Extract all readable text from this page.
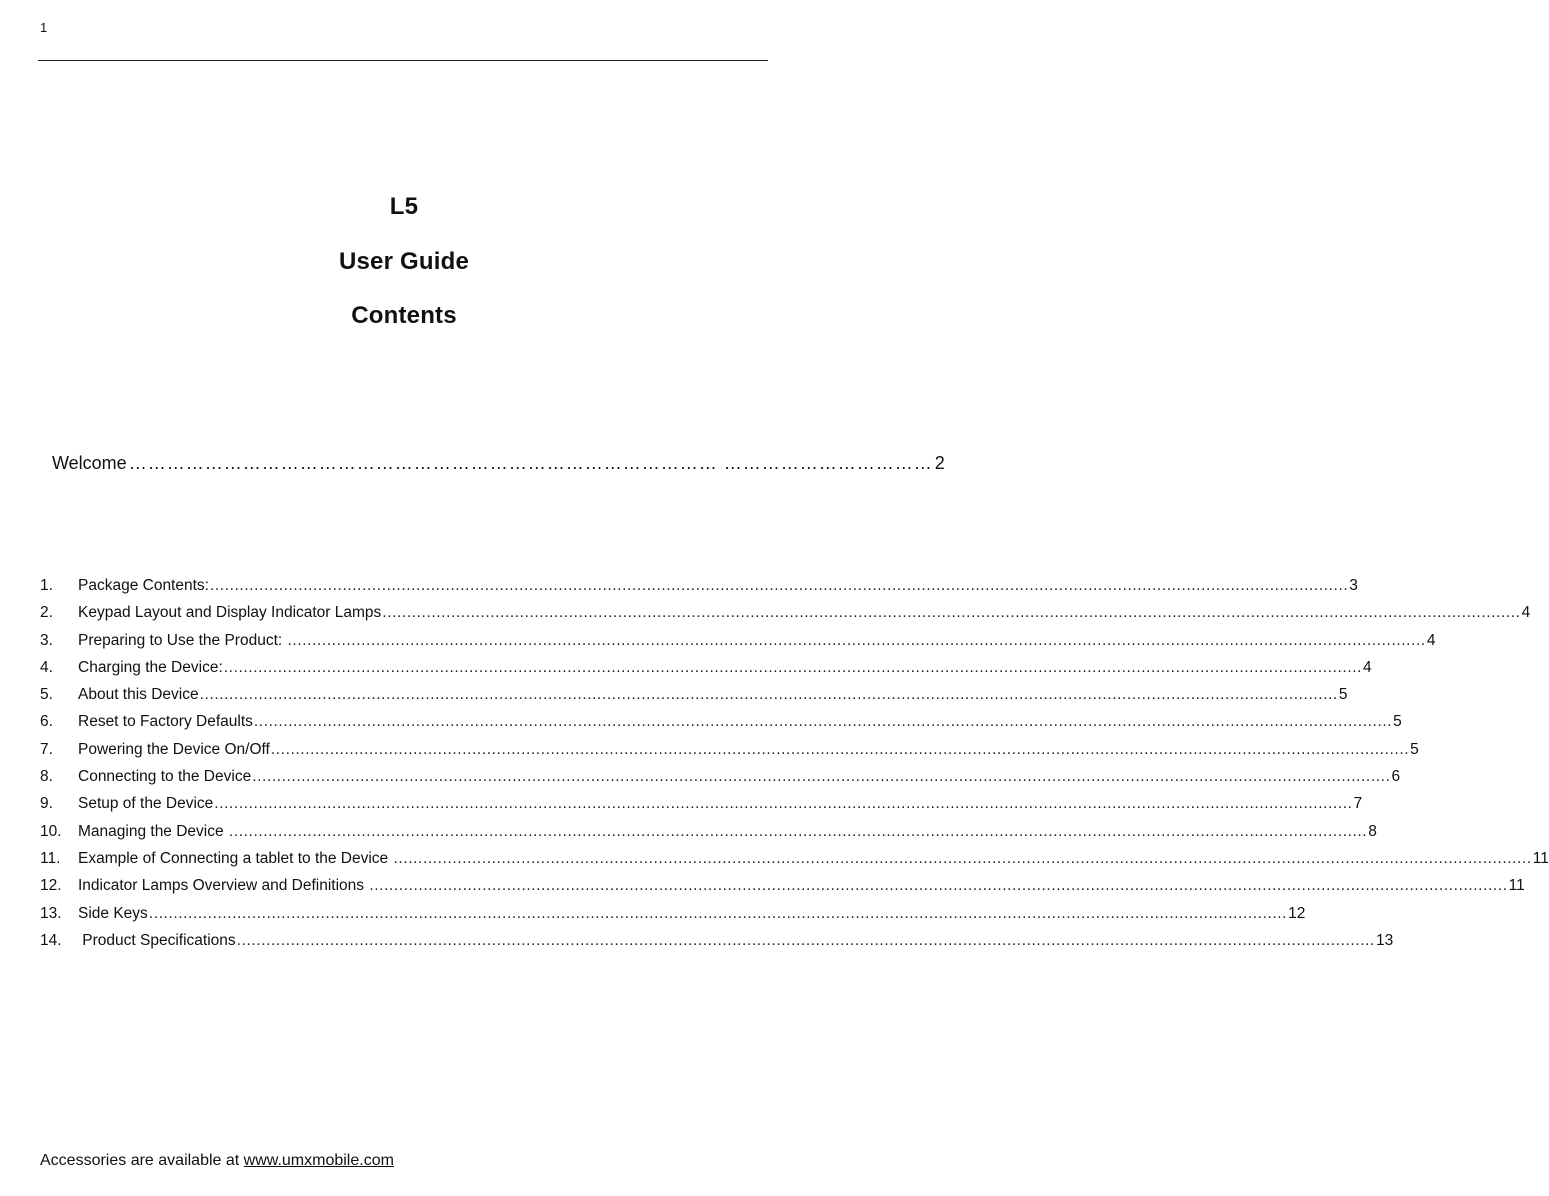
1
L5
User Guide
Contents
Welcome ………………………………………………………………………………… …………………………… 2
1.	Package Contents: .....	3
2.	Keypad Layout and Display Indicator Lamps .....	4
3.	Preparing to Use the Product: .....	4
4.	Charging the Device: .....	4
5.	About this Device .....	5
6.	Reset to Factory Defaults .....	5
7.	Powering the Device On/Off .....	5
8.	Connecting to the Device .....	6
9.	Setup of the Device .....	7
10.	Managing the Device .....	8
11.	Example of Connecting a tablet to the Device .....	11
12.	Indicator Lamps Overview and Definitions .....	11
13.	Side Keys .....	12
14.	Product Specifications .....	13
Accessories are available at www.umxmobile.com
